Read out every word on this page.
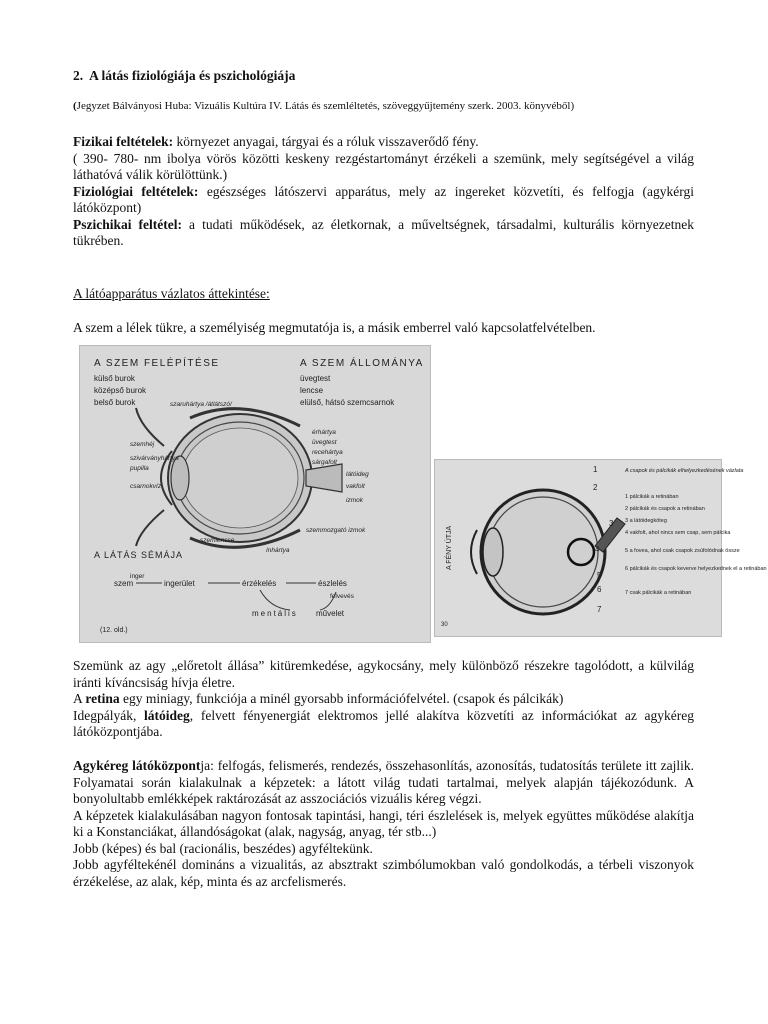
2. A látás fiziológiája és pszichológiája
(Jegyzet Bálványosi Huba: Vizuális Kultúra IV. Látás és szemléltetés, szöveggyűjtemény szerk. 2003. könyvéből)

Fizikai feltételek: környezet anyagai, tárgyai és a róluk visszaverődő fény.

( 390- 780- nm ibolya vörös közötti keskeny rezgéstartományt érzékeli a szemünk, mely segítségével a világ láthatóvá válik körülöttünk.)

Fiziológiai feltételek: egészséges látószervi apparátus, mely az ingereket közvetíti, és felfogja (agykérgi látóközpont)

Pszichikai feltétel: a tudati működések, az életkornak, a műveltségnek, társadalmi, kulturális környezetnek tükrében.

A látóapparátus vázlatos áttekintése:
A szem a lélek tükre, a személyiség megmutatója is, a másik emberrel való kapcsolatfelvételben.
A SZEM FELÉPÍTÉSE
külső burok
középső burok
belső burok
A SZEM ÁLLOMÁNYA
üvegtest
lencse
elülső, hátsó szemcsarnok
szaruhártya /átlátszó/
szemhéj
szivárványhártya
pupilla
csarnokvíz
érhártya
üvegtest
recehártya
sárgafolt
látóideg
vakfolt
izmok
szemmozgató izmok
szemlencse
ínhártya
A LÁTÁS SÉMÁJA
szem
inger
ingerület	érzékelés	észlelés
felvevés
mentális művelet
(12. old.)
A FÉNY ÚTJA
1
2
3
4
5
6
7
A csapok és pálcikák elhelyezkedésének vázlata
1 pálcikák a retinában
2 pálcikák és csapok a retinában
3 a látóidegköteg
4 vakfolt, ahol nincs sem csap, sem pálcika
5 a fovea, ahol csak csapok zsúfolódnak össze
6 pálcikák és csapok keverve helyezkednek el a retinában
7 csak pálcikák a retinában
30

Szemünk az agy „előretolt állása” kitüremkedése, agykocsány, mely különböző részekre tagolódott, a külvilág iránti kíváncsiság hívja életre.

A retina egy miniagy, funkciója a minél gyorsabb információfelvétel. (csapok és pálcikák)

Idegpályák, látóideg, felvett fényenergiát elektromos jellé alakítva közvetíti az információkat az agykéreg látóközpontjába.

Agykéreg látóközpontja: felfogás, felismerés, rendezés, összehasonlítás, azonosítás, tudatosítás területe itt zajlik. Folyamatai során kialakulnak a képzetek: a látott világ tudati tartalmai, melyek alapján tájékozódunk. A bonyolultabb emlékképek raktározását az asszociációs vizuális kéreg végzi.

A képzetek kialakulásában nagyon fontosak tapintási, hangi, téri észlelések is, melyek együttes működése alakítja ki a Konstanciákat, állandóságokat (alak, nagyság, anyag, tér stb...)

Jobb (képes) és bal (racionális, beszédes) agyféltekünk.

Jobb agyféltekénél domináns a vizualitás, az absztrakt szimbólumokban való gondolkodás, a térbeli viszonyok érzékelése, az alak, kép, minta és az arcfelismerés.
